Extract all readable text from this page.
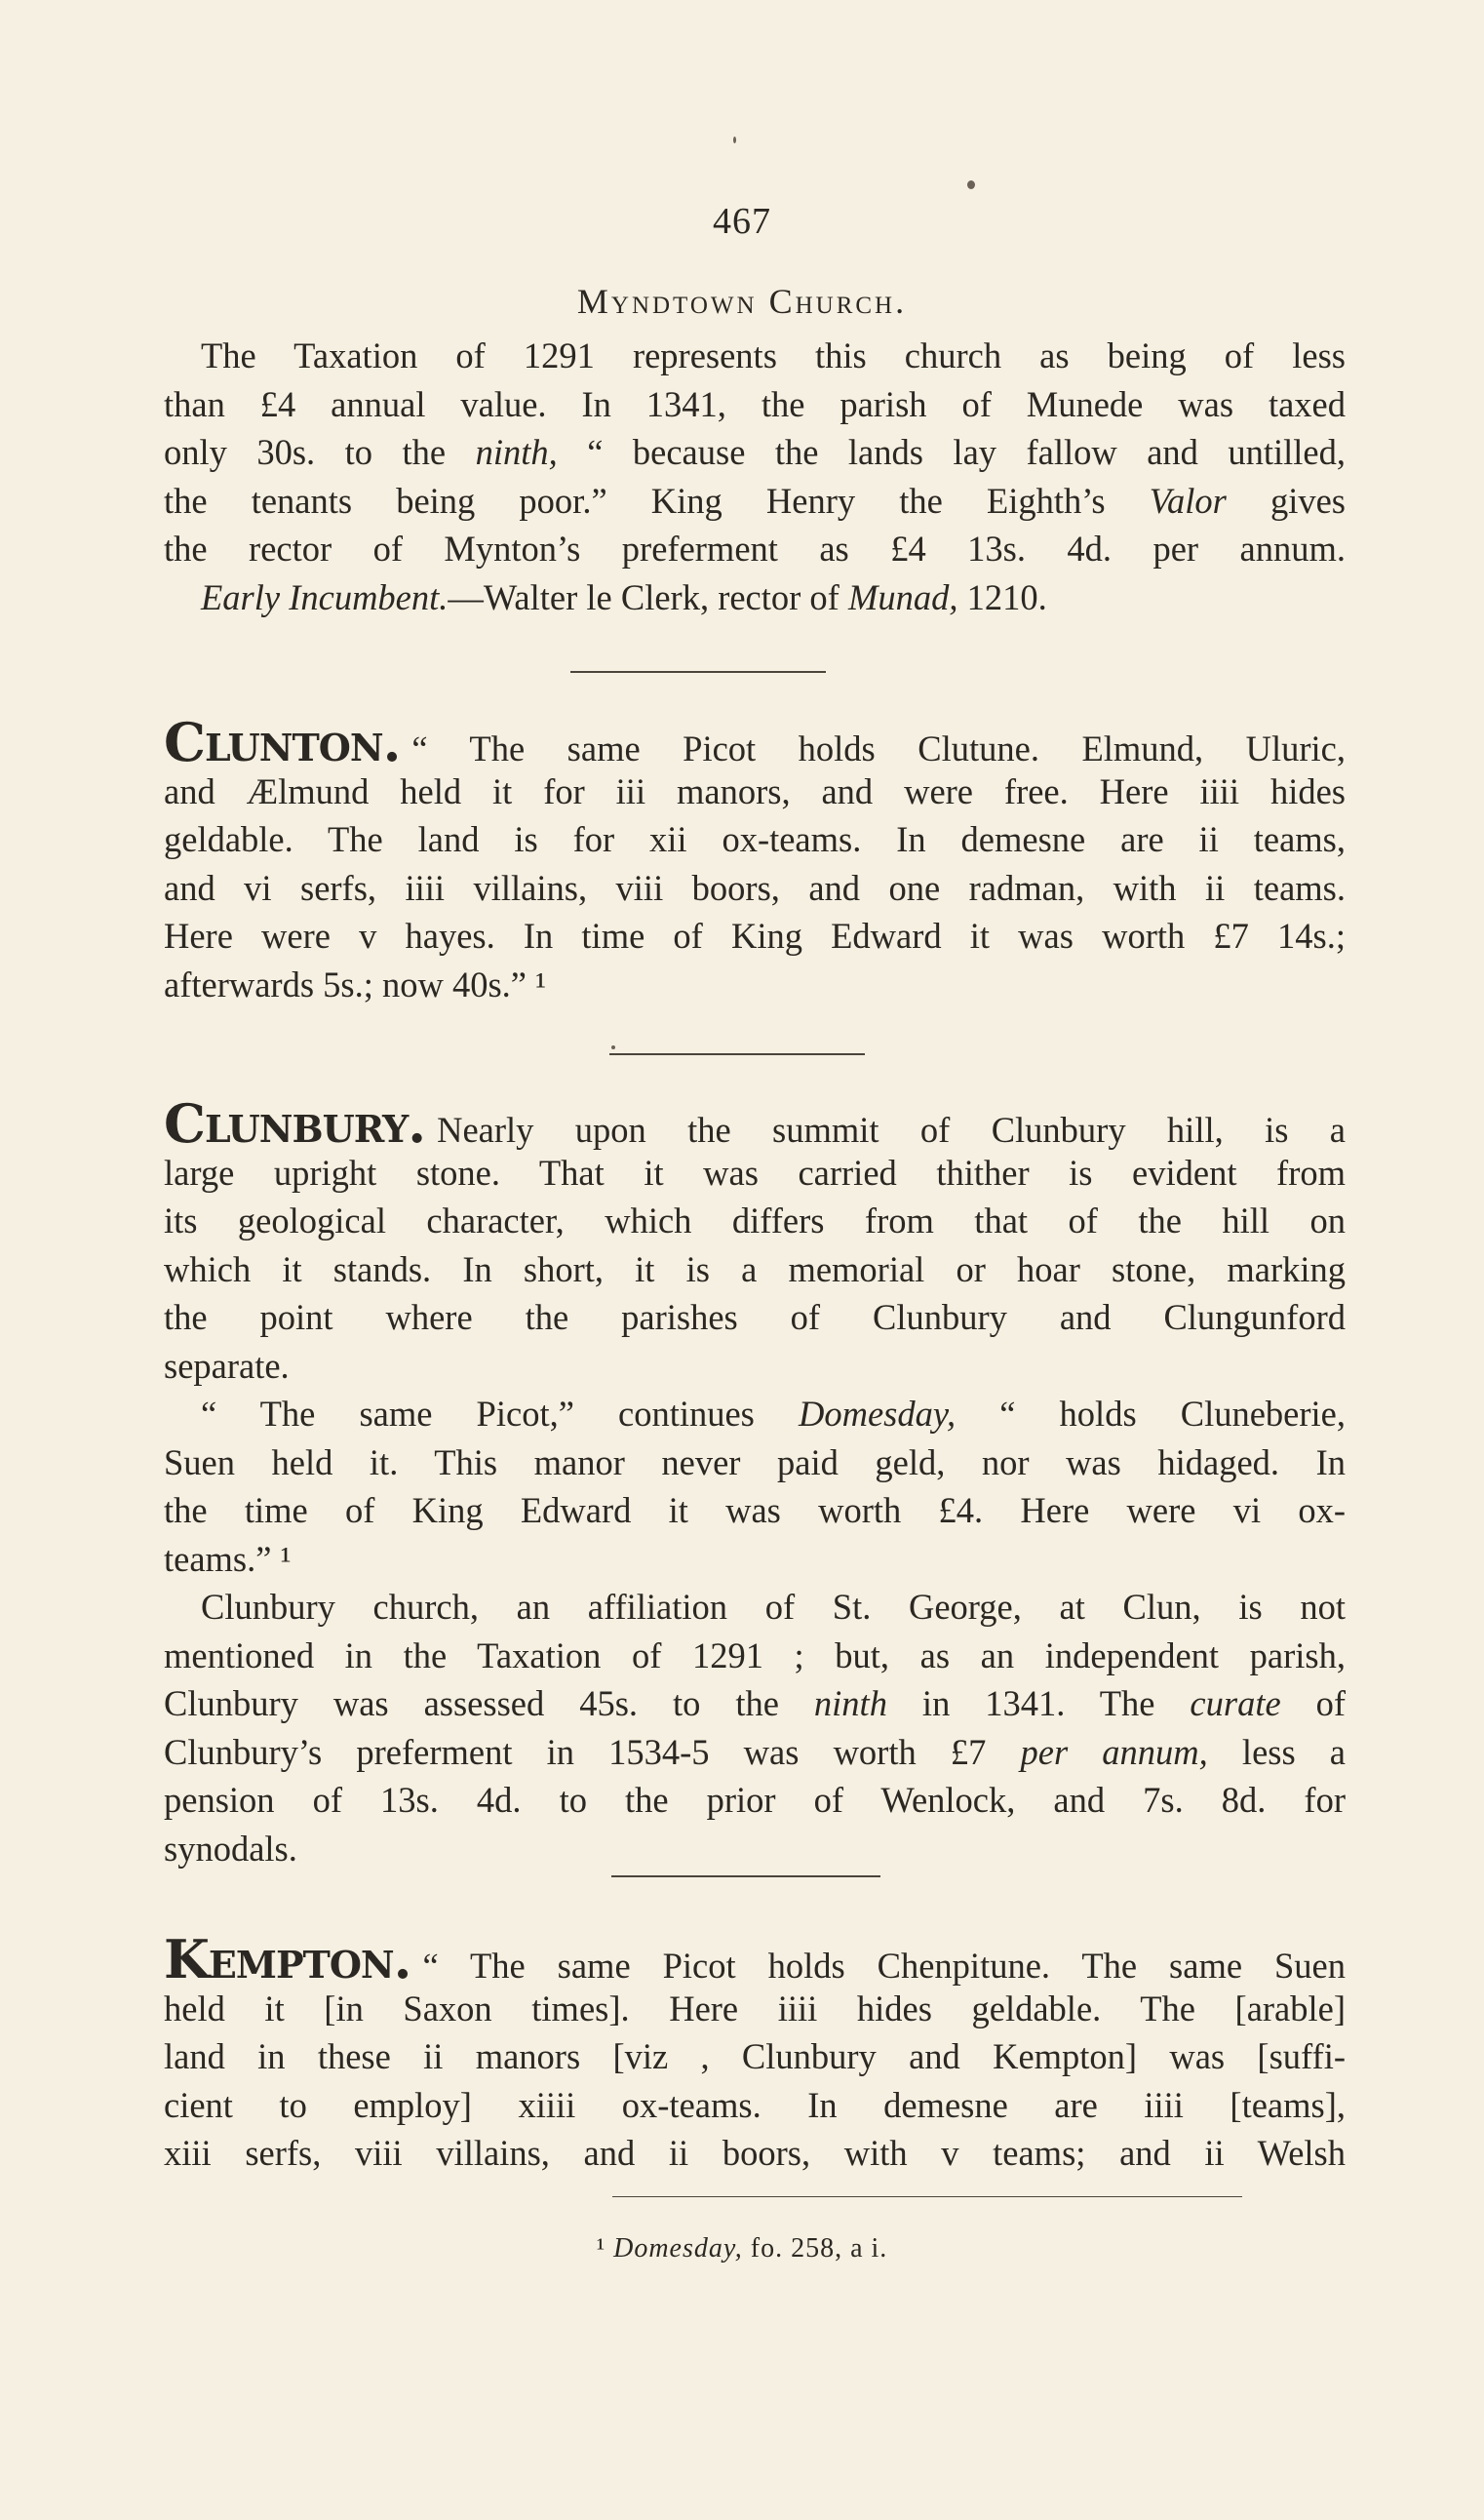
467
Myndtown Church.
The Taxation of 1291 represents this church as being of less
than £4 annual value. In 1341, the parish of Munede was taxed
only 30s. to the ninth, “ because the lands lay fallow and untilled,
the tenants being poor.” King Henry the Eighth’s Valor gives
the rector of Mynton’s preferment as £4 13s. 4d. per annum.
Early Incumbent.—Walter le Clerk, rector of Munad, 1210.
Clunton. “ The same Picot holds Clutune. Elmund, Uluric,
and Ælmund held it for iii manors, and were free. Here iiii hides
geldable. The land is for xii ox-teams. In demesne are ii teams,
and vi serfs, iiii villains, viii boors, and one radman, with ii teams.
Here were v hayes. In time of King Edward it was worth £7 14s.;
afterwards 5s.; now 40s.” ¹
Clunbury. Nearly upon the summit of Clunbury hill, is a
large upright stone. That it was carried thither is evident from
its geological character, which differs from that of the hill on
which it stands. In short, it is a memorial or hoar stone, marking
the point where the parishes of Clunbury and Clungunford
separate.
“ The same Picot,” continues Domesday, “ holds Cluneberie,
Suen held it. This manor never paid geld, nor was hidaged. In
the time of King Edward it was worth £4. Here were vi ox-
teams.” ¹
Clunbury church, an affiliation of St. George, at Clun, is not
mentioned in the Taxation of 1291 ; but, as an independent parish,
Clunbury was assessed 45s. to the ninth in 1341. The curate of
Clunbury’s preferment in 1534-5 was worth £7 per annum, less a
pension of 13s. 4d. to the prior of Wenlock, and 7s. 8d. for
synodals.
Kempton. “ The same Picot holds Chenpitune. The same Suen
held it [in Saxon times]. Here iiii hides geldable. The [arable]
land in these ii manors [viz , Clunbury and Kempton] was [suffi-
cient to employ] xiiii ox-teams. In demesne are iiii [teams],
xiii serfs, viii villains, and ii boors, with v teams; and ii Welsh
¹ Domesday, fo. 258, a i.
